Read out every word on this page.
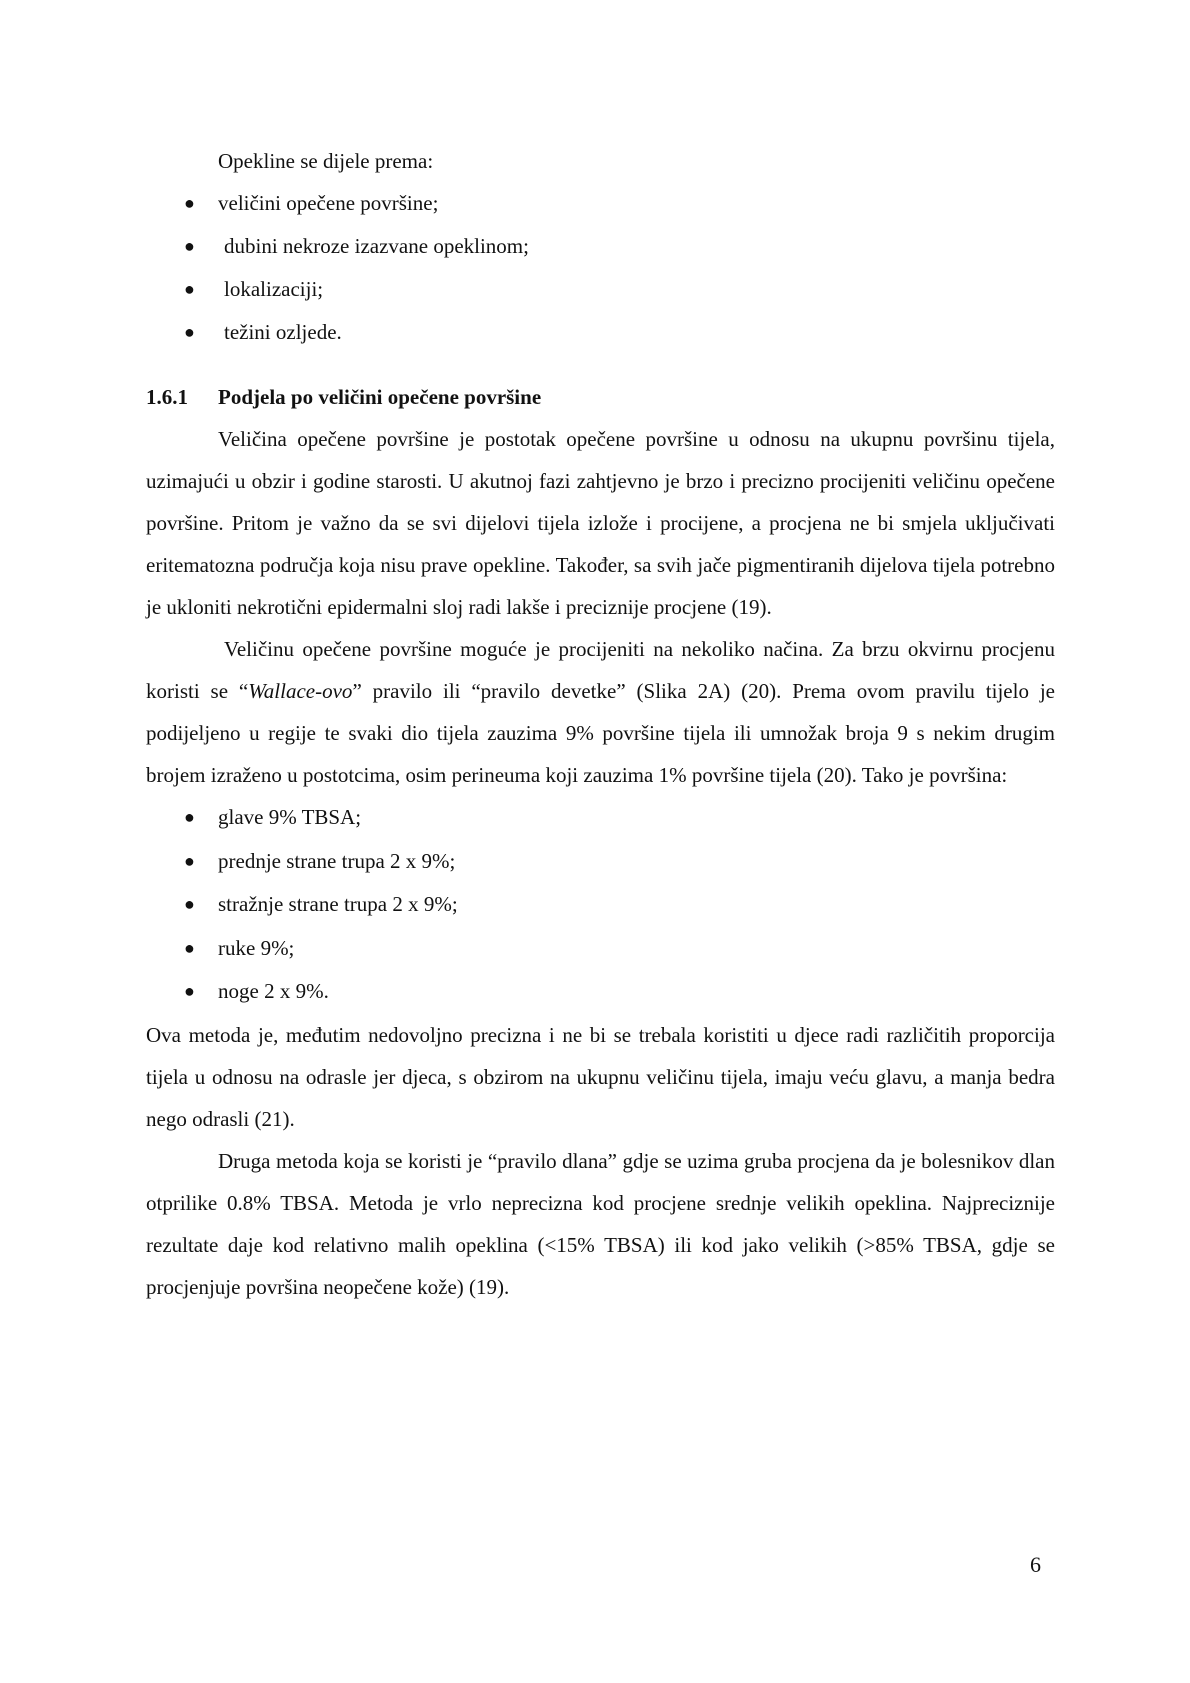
Opekline se dijele prema:

● veličini opečene površine;
● dubini nekroze izazvane opeklinom;
● lokalizaciji;
● težini ozljede.
1.6.1 Podjela po veličini opečene površine

Veličina opečene površine je postotak opečene površine u odnosu na ukupnu površinu tijela, uzimajući u obzir i godine starosti. U akutnoj fazi zahtjevno je brzo i precizno procijeniti veličinu opečene površine. Pritom je važno da se svi dijelovi tijela izlože i procijene, a procjena ne bi smjela uključivati eritematozna područja koja nisu prave opekline. Također, sa svih jače pigmentiranih dijelova tijela potrebno je ukloniti nekrotični epidermalni sloj radi lakše i preciznije procjene (19).

Veličinu opečene površine moguće je procijeniti na nekoliko načina. Za brzu okvirnu procjenu koristi se “Wallace-ovo” pravilo ili “pravilo devetke” (Slika 2A) (20). Prema ovom pravilu tijelo je podijeljeno u regije te svaki dio tijela zauzima 9% površine tijela ili umnožak broja 9 s nekim drugim brojem izraženo u postotcima, osim perineuma koji zauzima 1% površine tijela (20). Tako je površina:

● glave 9% TBSA;
● prednje strane trupa 2 x 9%;
● stražnje strane trupa 2 x 9%;
● ruke 9%;
● noge 2 x 9%.

Ova metoda je, međutim nedovoljno precizna i ne bi se trebala koristiti u djece radi različitih proporcija tijela u odnosu na odrasle jer djeca, s obzirom na ukupnu veličinu tijela, imaju veću glavu, a manja bedra nego odrasli (21).

Druga metoda koja se koristi je “pravilo dlana” gdje se uzima gruba procjena da je bolesnikov dlan otprilike 0.8% TBSA. Metoda je vrlo neprecizna kod procjene srednje velikih opeklina. Najpreciznije rezultate daje kod relativno malih opeklina (<15% TBSA) ili kod jako velikih (>85% TBSA, gdje se procjenjuje površina neopečene kože) (19).

6
